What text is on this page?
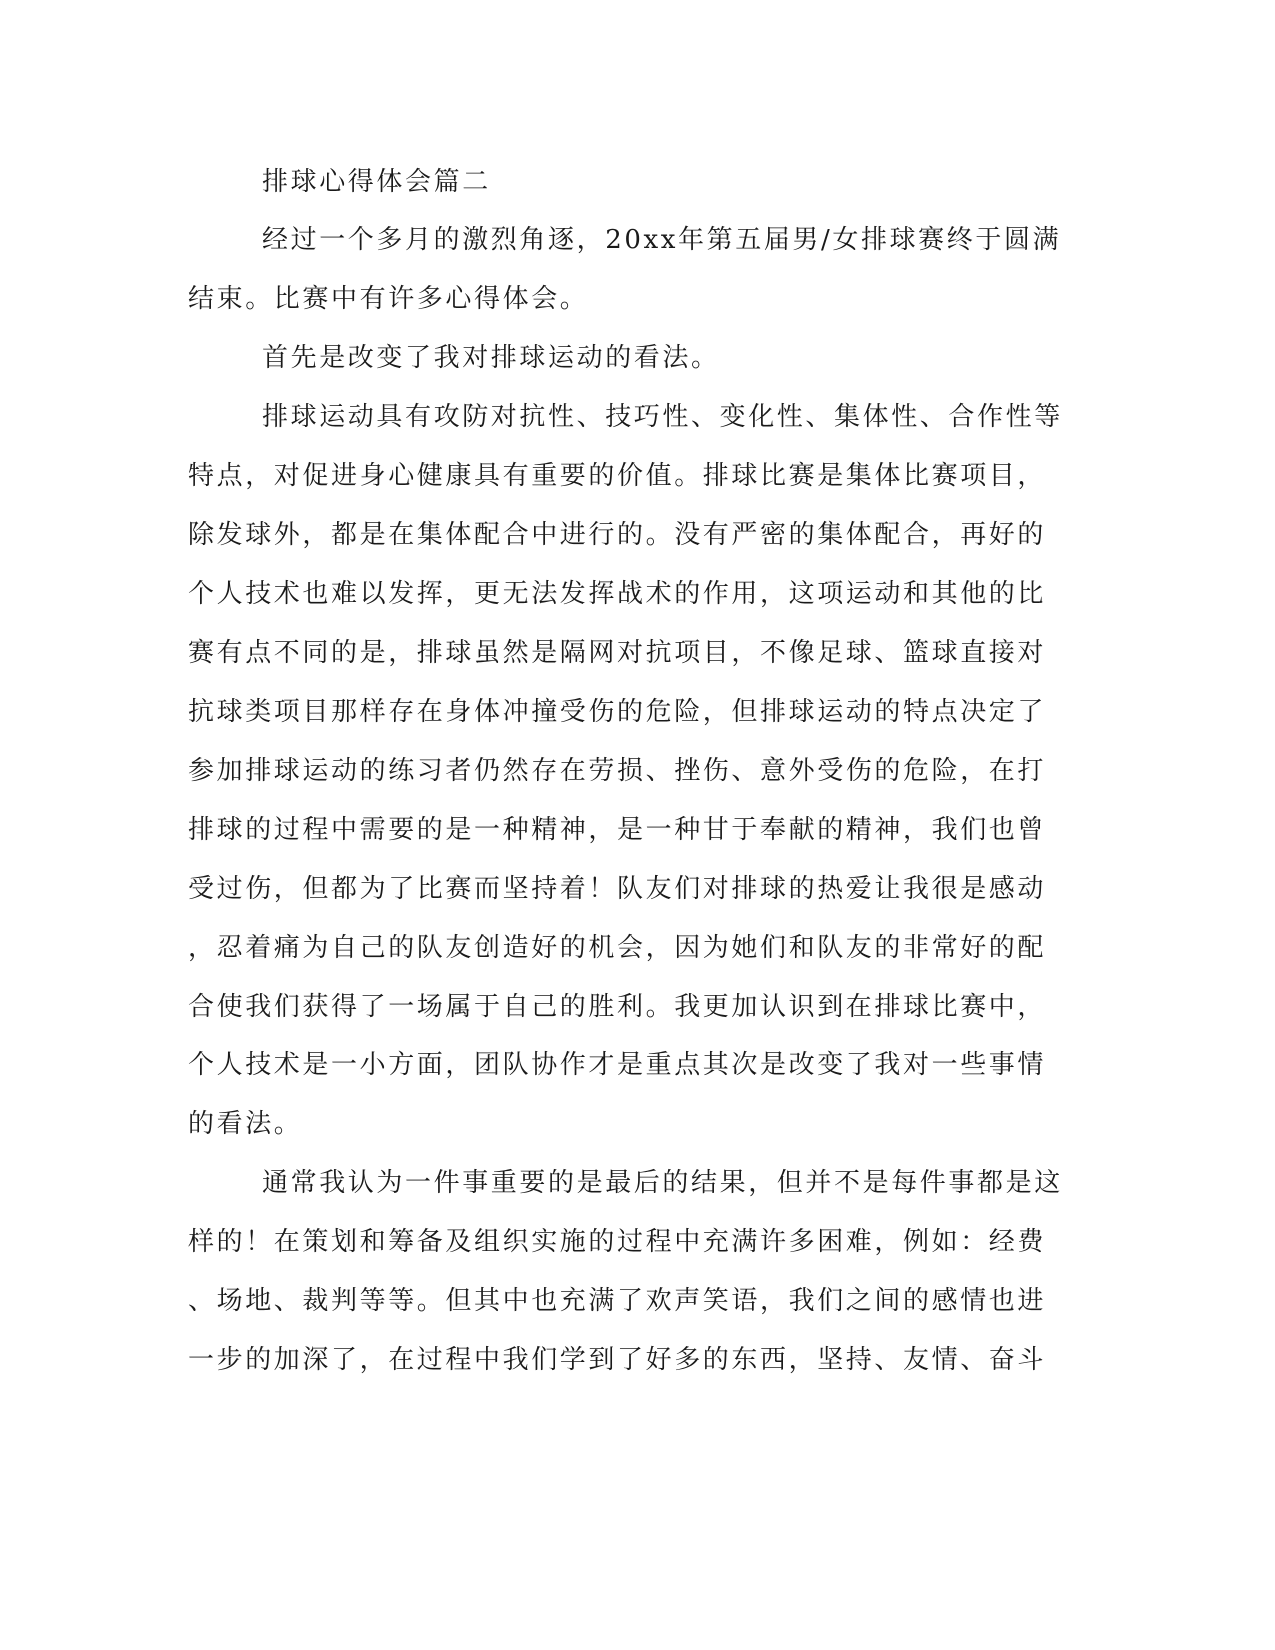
排球心得体会篇二
经过一个多月的激烈角逐，20xx年第五届男/女排球赛终于圆满
结束。比赛中有许多心得体会。
首先是改变了我对排球运动的看法。
排球运动具有攻防对抗性、技巧性、变化性、集体性、合作性等
特点，对促进身心健康具有重要的价值。排球比赛是集体比赛项目，
除发球外，都是在集体配合中进行的。没有严密的集体配合，再好的
个人技术也难以发挥，更无法发挥战术的作用，这项运动和其他的比
赛有点不同的是，排球虽然是隔网对抗项目，不像足球、篮球直接对
抗球类项目那样存在身体冲撞受伤的危险，但排球运动的特点决定了
参加排球运动的练习者仍然存在劳损、挫伤、意外受伤的危险，在打
排球的过程中需要的是一种精神，是一种甘于奉献的精神，我们也曾
受过伤，但都为了比赛而坚持着！队友们对排球的热爱让我很是感动
，忍着痛为自己的队友创造好的机会，因为她们和队友的非常好的配
合使我们获得了一场属于自己的胜利。我更加认识到在排球比赛中，
个人技术是一小方面，团队协作才是重点其次是改变了我对一些事情
的看法。
通常我认为一件事重要的是最后的结果，但并不是每件事都是这
样的！在策划和筹备及组织实施的过程中充满许多困难，例如：经费
、场地、裁判等等。但其中也充满了欢声笑语，我们之间的感情也进
一步的加深了，在过程中我们学到了好多的东西，坚持、友情、奋斗
